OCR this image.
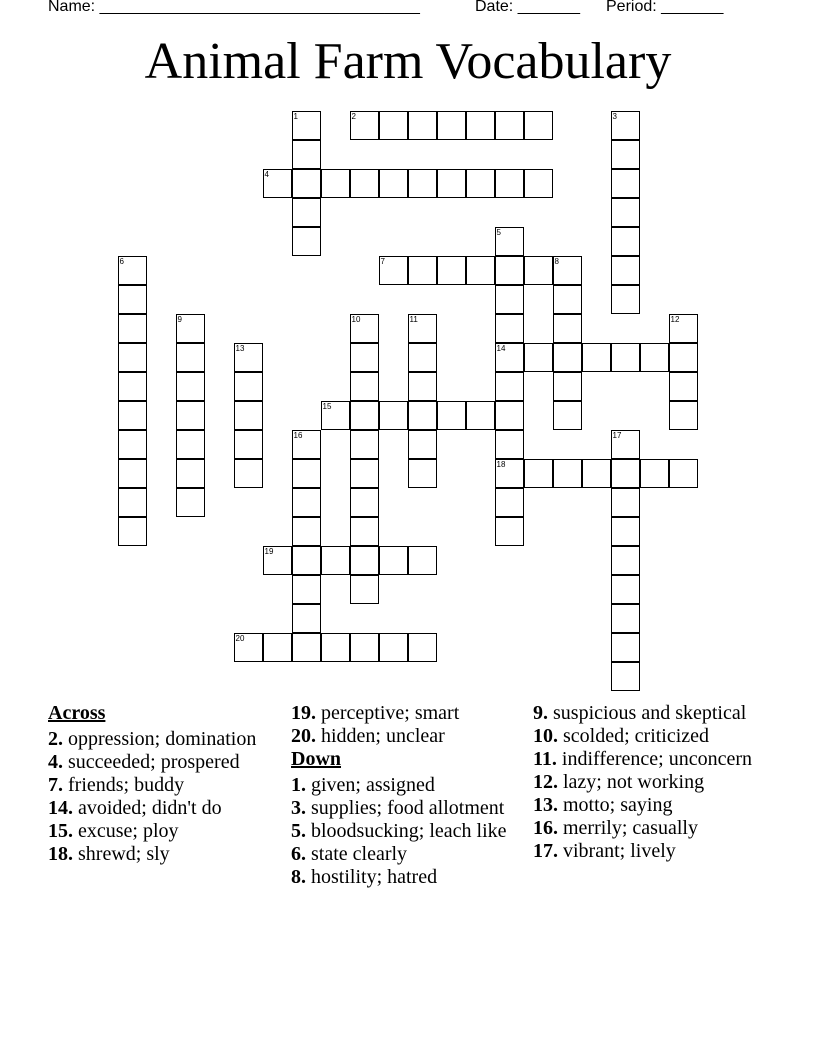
Name: ____________________________________	Date: _______ Period: _______
Animal Farm Vocabulary
1	2	3
4
5
14
18
6	7	8
9	10	11	12
13
15
16	17
19
20
Across
2. oppression; domination
4. succeeded; prospered
7. friends; buddy
14. avoided; didn't do
15. excuse; ploy
18. shrewd; sly
19. perceptive; smart
20. hidden; unclear
Down
1. given; assigned
3. supplies; food allotment
5. bloodsucking; leach like
6. state clearly
8. hostility; hatred
9. suspicious and skeptical
10. scolded; criticized
11. indifference; unconcern
12. lazy; not working
13. motto; saying
16. merrily; casually
17. vibrant; lively
